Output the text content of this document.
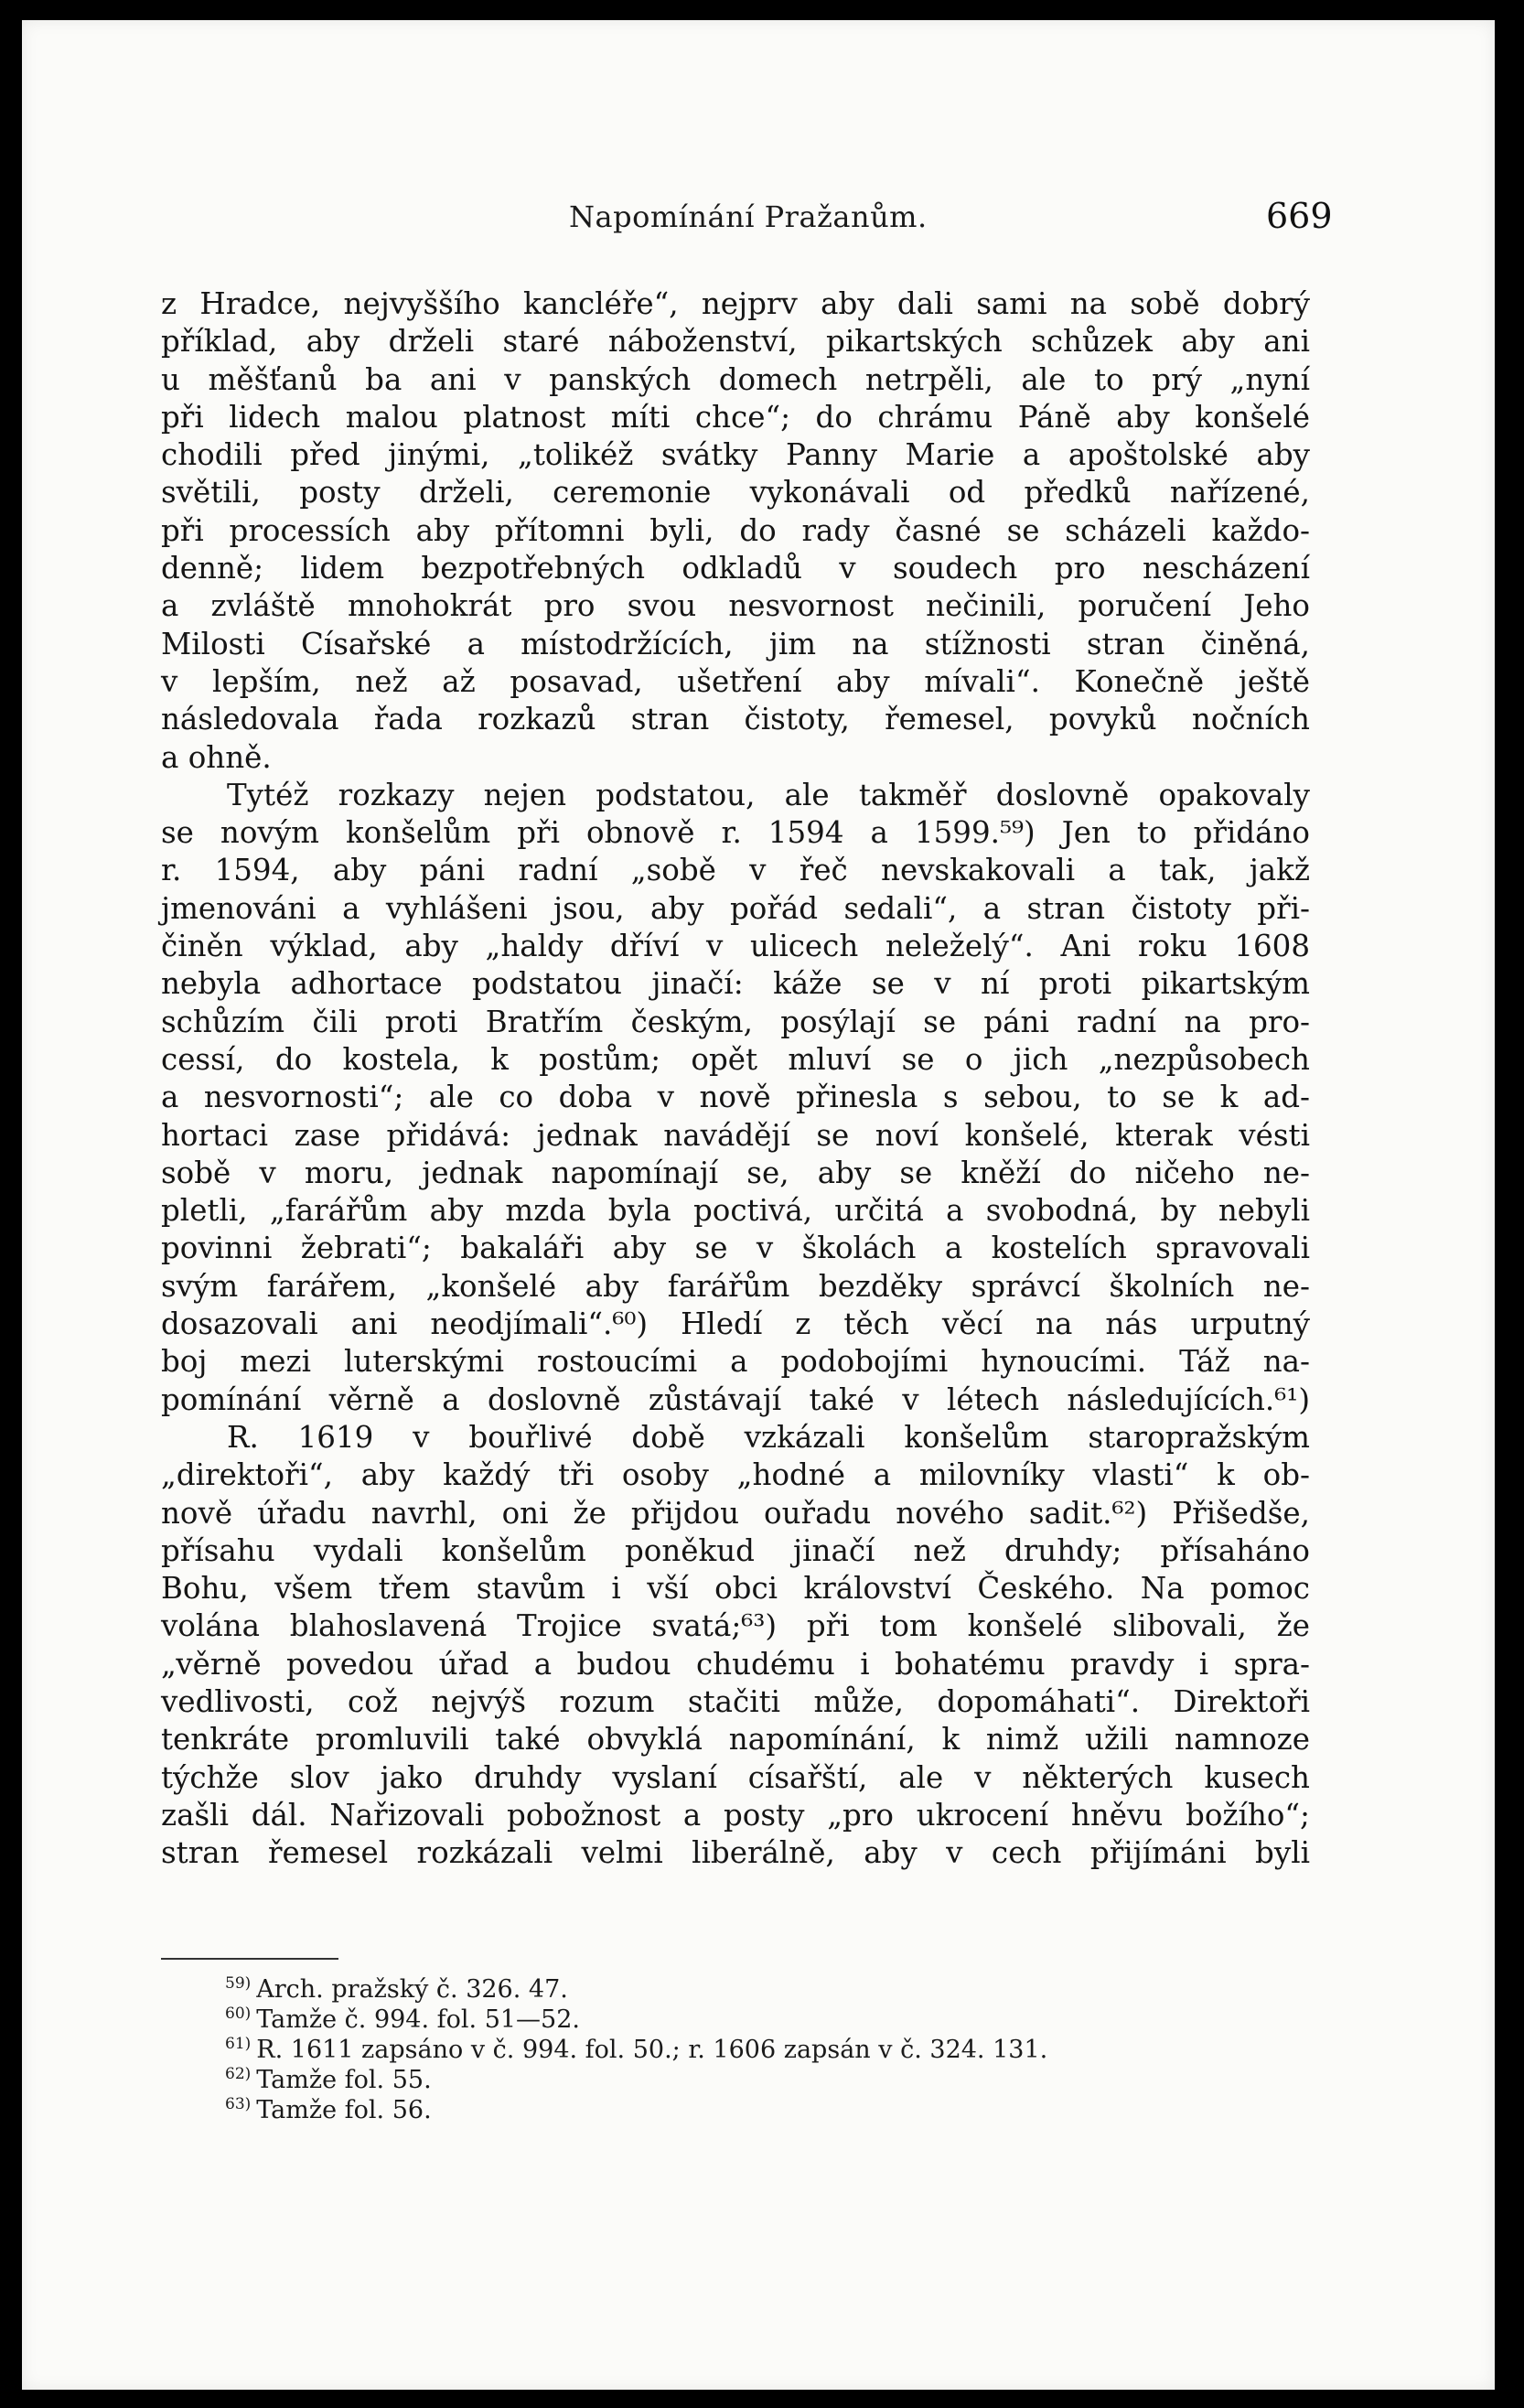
Napomínání Pražanům.	669
z Hradce, nejvyššího kancléře“, nejprv aby dali sami na sobě dobrý
příklad, aby drželi staré náboženství, pikartských schůzek aby ani
u měšťanů ba ani v panských domech netrpěli, ale to prý „nyní
při lidech malou platnost míti chce“; do chrámu Páně aby konšelé
chodili před jinými, „tolikéž svátky Panny Marie a apoštolské aby
světili, posty drželi, ceremonie vykonávali od předků nařízené,
při processích aby přítomni byli, do rady časné se scházeli každo-
denně; lidem bezpotřebných odkladů v soudech pro nescházení
a zvláště mnohokrát pro svou nesvornost nečinili, poručení Jeho
Milosti Císařské a místodržících, jim na stížnosti stran činěná,
v lepším, než až posavad, ušetření aby mívali“. Konečně ještě
následovala řada rozkazů stran čistoty, řemesel, povyků nočních
a ohně.
Tytéž rozkazy nejen podstatou, ale takměř doslovně opakovaly
se novým konšelům při obnově r. 1594 a 1599.⁵⁹) Jen to přidáno
r. 1594, aby páni radní „sobě v řeč nevskakovali a tak, jakž
jmenováni a vyhlášeni jsou, aby pořád sedali“, a stran čistoty při-
činěn výklad, aby „haldy dříví v ulicech neleželý“. Ani roku 1608
nebyla adhortace podstatou jinačí: káže se v ní proti pikartským
schůzím čili proti Bratřím českým, posýlají se páni radní na pro-
cessí, do kostela, k postům; opět mluví se o jich „nezpůsobech
a nesvornosti“; ale co doba v nově přinesla s sebou, to se k ad-
hortaci zase přidává: jednak navádějí se noví konšelé, kterak vésti
sobě v moru, jednak napomínají se, aby se kněží do ničeho ne-
pletli, „farářům aby mzda byla poctivá, určitá a svobodná, by nebyli
povinni žebrati“; bakaláři aby se v školách a kostelích spravovali
svým farářem, „konšelé aby farářům bezděky správcí školních ne-
dosazovali ani neodjímali“.⁶⁰) Hledí z těch věcí na nás urputný
boj mezi luterskými rostoucími a podobojími hynoucími. Táž na-
pomínání věrně a doslovně zůstávají také v létech následujících.⁶¹)
R. 1619 v bouřlivé době vzkázali konšelům staropražským
„direktoři“, aby každý tři osoby „hodné a milovníky vlasti“ k ob-
nově úřadu navrhl, oni že přijdou ouřadu nového sadit.⁶²) Přišedše,
přísahu vydali konšelům poněkud jinačí než druhdy; přísaháno
Bohu, všem třem stavům i vší obci království Českého. Na pomoc
volána blahoslavená Trojice svatá;⁶³) při tom konšelé slibovali, že
„věrně povedou úřad a budou chudému i bohatému pravdy i spra-
vedlivosti, což nejvýš rozum stačiti může, dopomáhati“. Direktoři
tenkráte promluvili také obvyklá napomínání, k nimž užili namnoze
týchže slov jako druhdy vyslaní císařští, ale v některých kusech
zašli dál. Nařizovali pobožnost a posty „pro ukrocení hněvu božího“;
stran řemesel rozkázali velmi liberálně, aby v cech přijímáni byli
$^{59)}$ Arch. pražský č. 326. 47.
$^{60)}$ Tamže č. 994. fol. 51—52.
$^{61)}$ R. 1611 zapsáno v č. 994. fol. 50.; r. 1606 zapsán v č. 324. 131.
$^{62)}$ Tamže fol. 55.
$^{63)}$ Tamže fol. 56.
